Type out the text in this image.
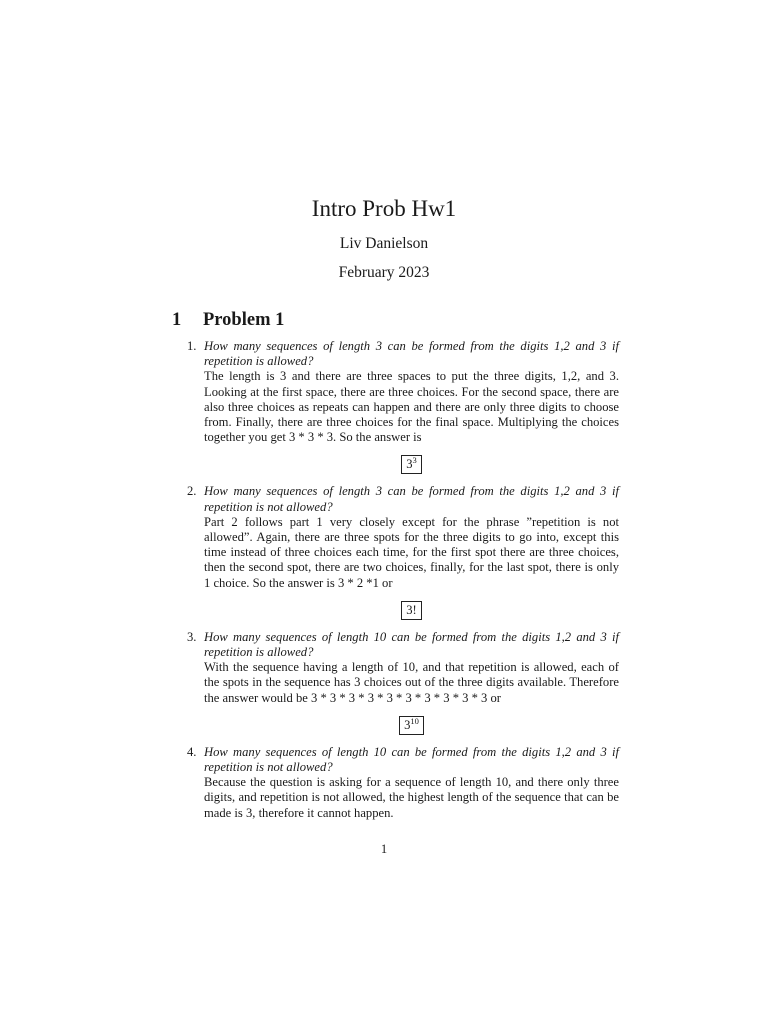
Intro Prob Hw1
Liv Danielson
February 2023
1 Problem 1
1. How many sequences of length 3 can be formed from the digits 1,2 and 3 if repetition is allowed?
The length is 3 and there are three spaces to put the three digits, 1,2, and 3. Looking at the first space, there are three choices. For the second space, there are also three choices as repeats can happen and there are only three digits to choose from. Finally, there are three choices for the final space. Multiplying the choices together you get 3 * 3 * 3. So the answer is
$3^3$
2. How many sequences of length 3 can be formed from the digits 1,2 and 3 if repetition is not allowed?
Part 2 follows part 1 very closely except for the phrase ”repetition is not allowed”. Again, there are three spots for the three digits to go into, except this time instead of three choices each time, for the first spot there are three choices, then the second spot, there are two choices, finally, for the last spot, there is only 1 choice. So the answer is 3 * 2 *1 or
3!
3. How many sequences of length 10 can be formed from the digits 1,2 and 3 if repetition is allowed?
With the sequence having a length of 10, and that repetition is allowed, each of the spots in the sequence has 3 choices out of the three digits available. Therefore the answer would be 3 * 3 * 3 * 3 * 3 * 3 * 3 * 3 * 3 * 3 or
$3^{10}$
4. How many sequences of length 10 can be formed from the digits 1,2 and 3 if repetition is not allowed?
Because the question is asking for a sequence of length 10, and there only three digits, and repetition is not allowed, the highest length of the sequence that can be made is 3, therefore it cannot happen.
1
